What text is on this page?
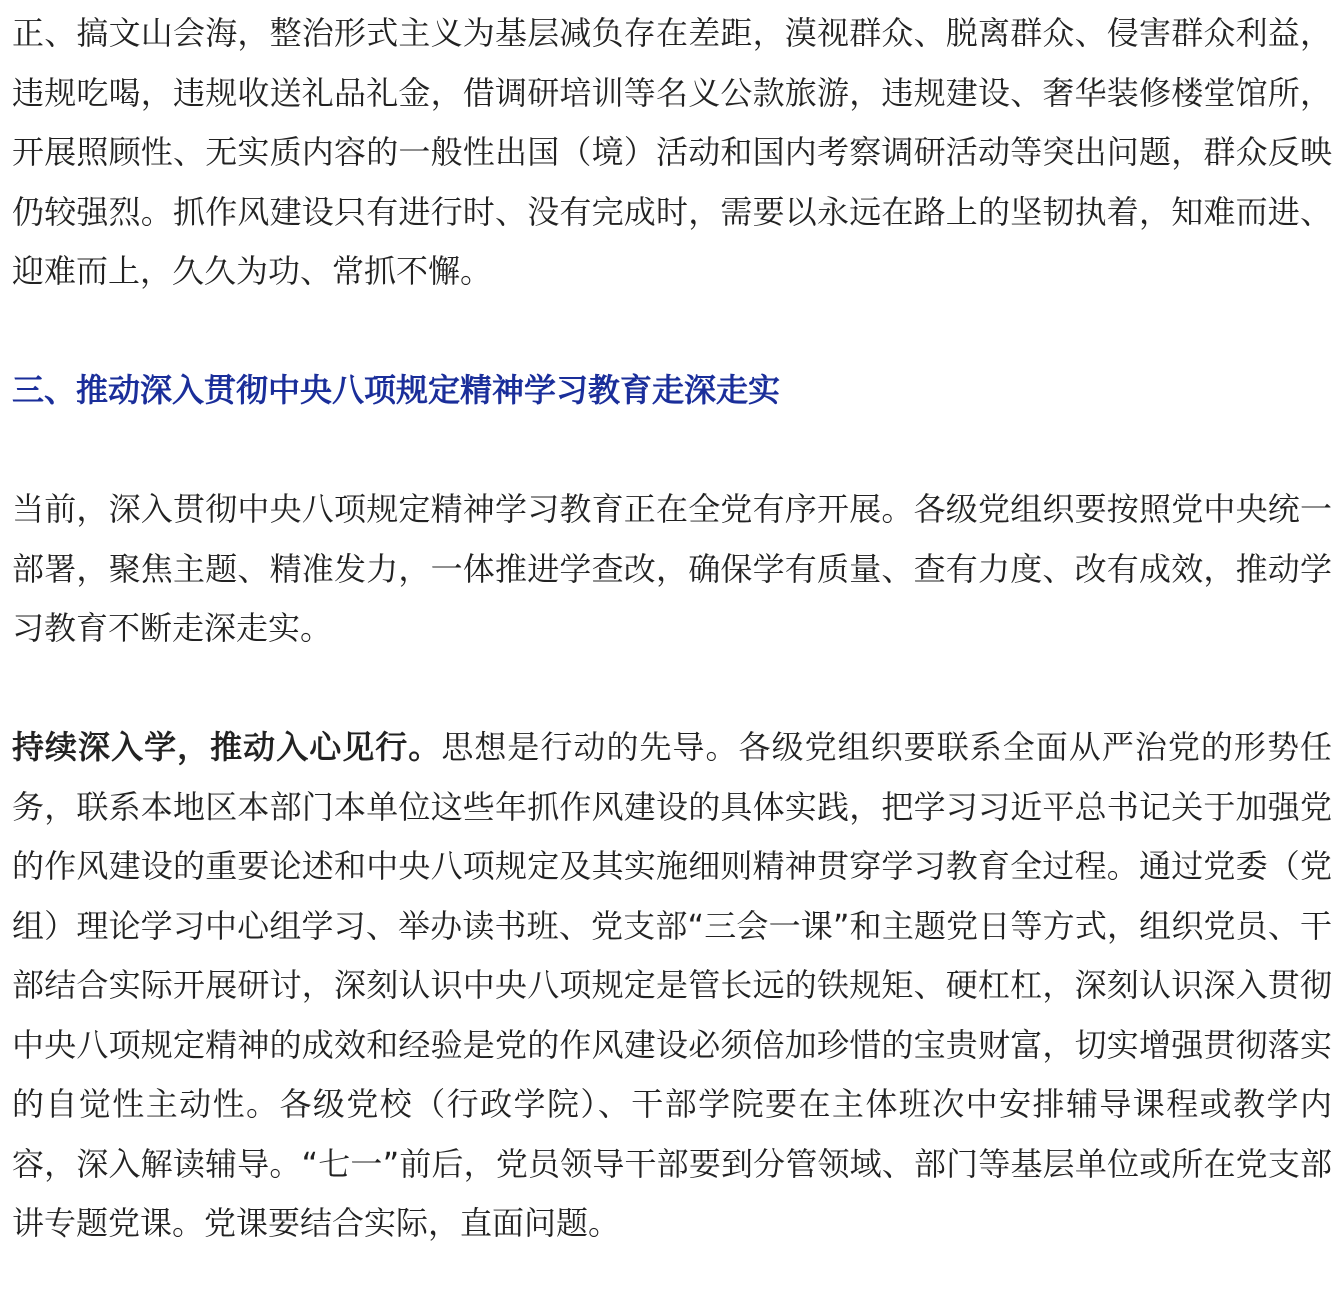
正、搞文山会海，整治形式主义为基层减负存在差距，漠视群众、脱离群众、侵害群众利益，违规吃喝，违规收送礼品礼金，借调研培训等名义公款旅游，违规建设、奢华装修楼堂馆所，开展照顾性、无实质内容的一般性出国（境）活动和国内考察调研活动等突出问题，群众反映仍较强烈。抓作风建设只有进行时、没有完成时，需要以永远在路上的坚韧执着，知难而进、迎难而上，久久为功、常抓不懈。

三、推动深入贯彻中央八项规定精神学习教育走深走实

当前，深入贯彻中央八项规定精神学习教育正在全党有序开展。各级党组织要按照党中央统一部署，聚焦主题、精准发力，一体推进学查改，确保学有质量、查有力度、改有成效，推动学习教育不断走深走实。

持续深入学，推动入心见行。思想是行动的先导。各级党组织要联系全面从严治党的形势任务，联系本地区本部门本单位这些年抓作风建设的具体实践，把学习习近平总书记关于加强党的作风建设的重要论述和中央八项规定及其实施细则精神贯穿学习教育全过程。通过党委（党组）理论学习中心组学习、举办读书班、党支部“三会一课”和主题党日等方式，组织党员、干部结合实际开展研讨，深刻认识中央八项规定是管长远的铁规矩、硬杠杠，深刻认识深入贯彻中央八项规定精神的成效和经验是党的作风建设必须倍加珍惜的宝贵财富，切实增强贯彻落实的自觉性主动性。各级党校（行政学院）、干部学院要在主体班次中安排辅导课程或教学内容，深入解读辅导。“七一”前后，党员领导干部要到分管领域、部门等基层单位或所在党支部讲专题党课。党课要结合实际，直面问题。
